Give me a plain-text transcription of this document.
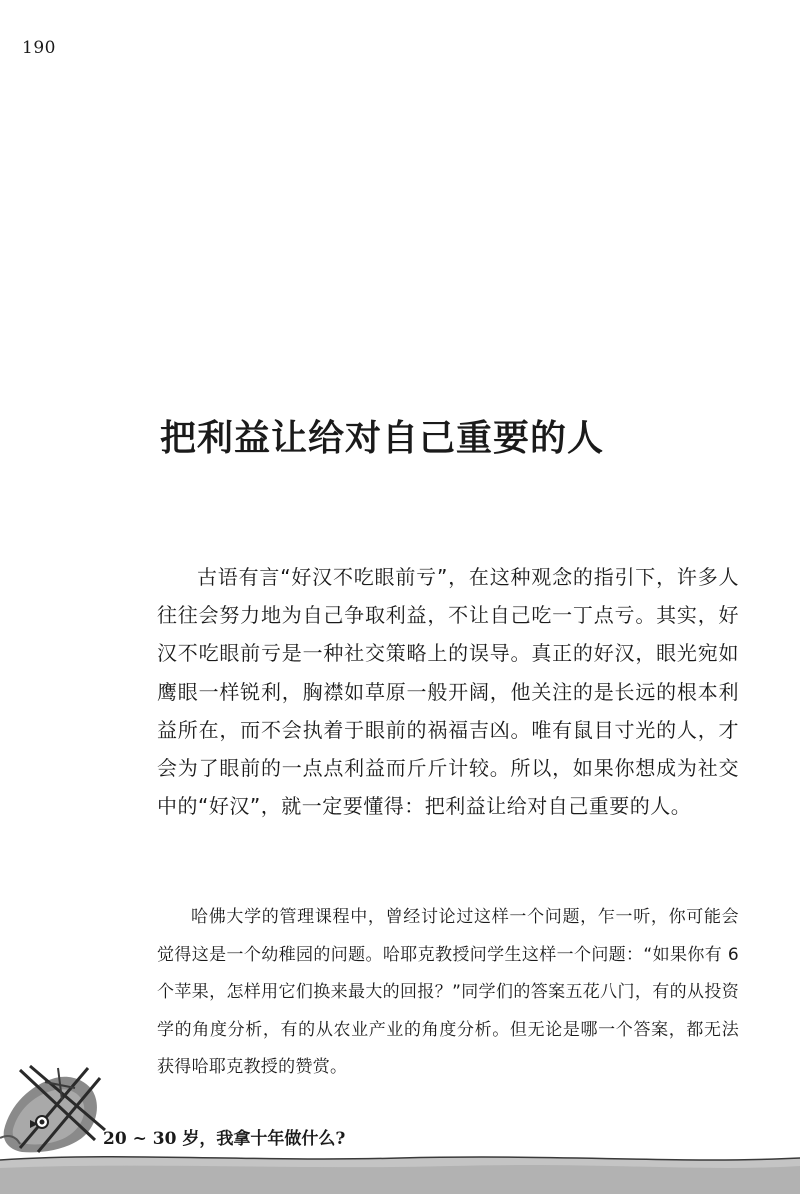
190
把利益让给对自己重要的人

古语有言“好汉不吃眼前亏”，在这种观念的指引下，许多人往往会努力地为自己争取利益，不让自己吃一丁点亏。其实，好汉不吃眼前亏是一种社交策略上的误导。真正的好汉，眼光宛如鹰眼一样锐利，胸襟如草原一般开阔，他关注的是长远的根本利益所在，而不会执着于眼前的祸福吉凶。唯有鼠目寸光的人，才会为了眼前的一点点利益而斤斤计较。所以，如果你想成为社交中的“好汉”，就一定要懂得：把利益让给对自己重要的人。

哈佛大学的管理课程中，曾经讨论过这样一个问题，乍一听，你可能会觉得这是一个幼稚园的问题。哈耶克教授问学生这样一个问题：“如果你有 6 个苹果，怎样用它们换来最大的回报？”同学们的答案五花八门，有的从投资学的角度分析，有的从农业产业的角度分析。但无论是哪一个答案，都无法获得哈耶克教授的赞赏。

20 ~ 30 岁，我拿十年做什么?
